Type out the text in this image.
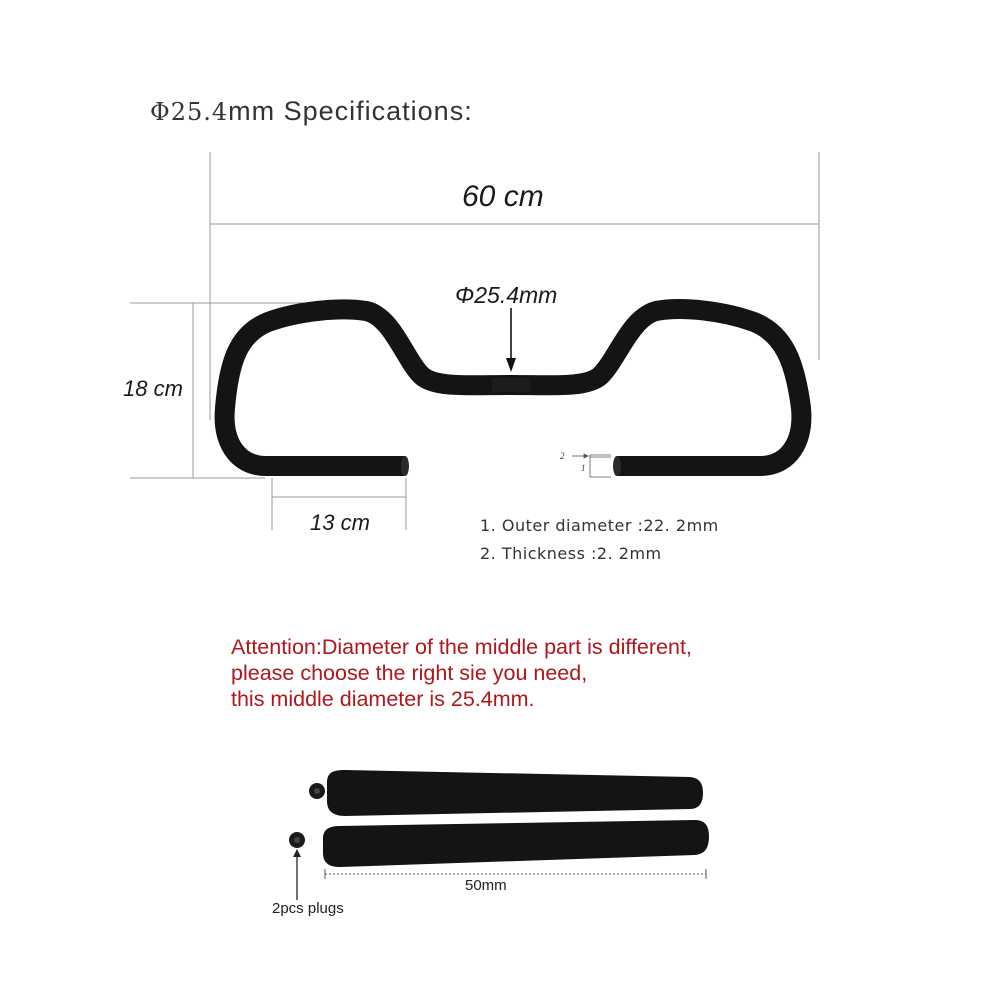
Φ25.4mm Specifications:
60 cm
Φ25.4mm
18 cm
13 cm
2
1
1. Outer diameter :22. 2mm
2. Thickness :2. 2mm
Attention:Diameter of the middle part is different,
please choose the right sie you need,
this middle diameter is 25.4mm.
50mm
2pcs plugs
